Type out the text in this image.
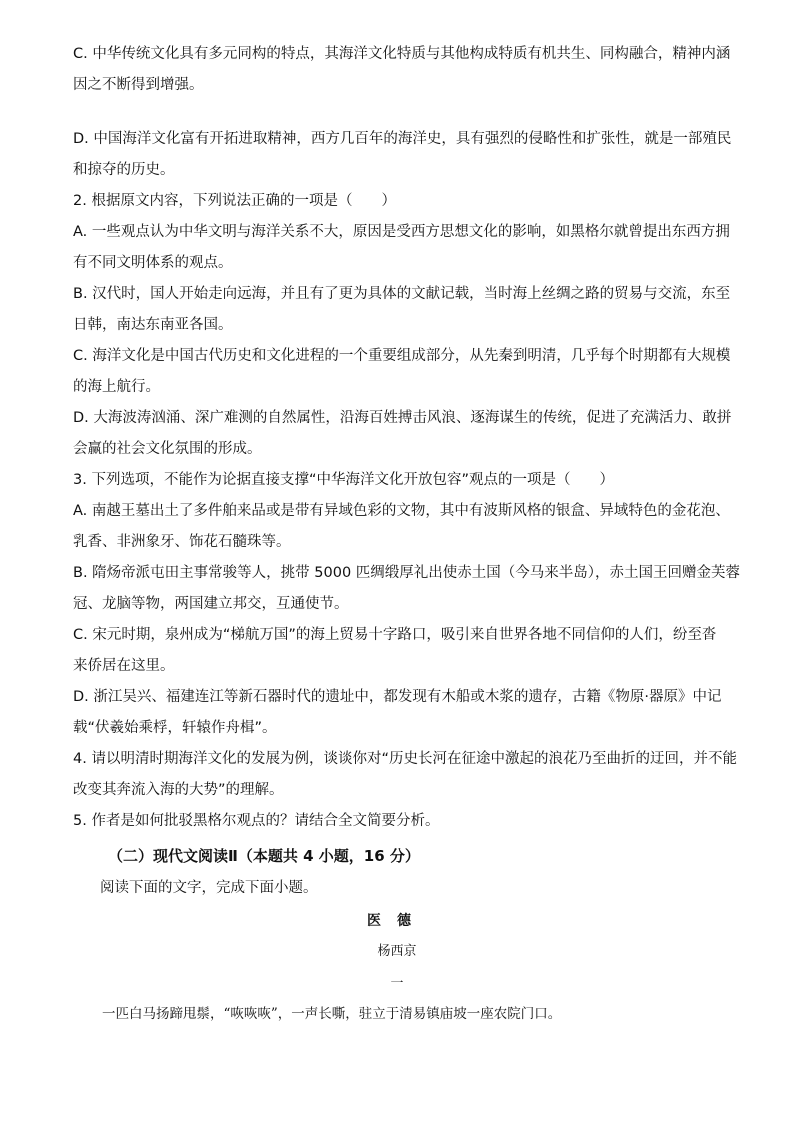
C. 中华传统文化具有多元同构的特点，其海洋文化特质与其他构成特质有机共生、同构融合，精神内涵
因之不断得到增强。
D. 中国海洋文化富有开拓进取精神，西方几百年的海洋史，具有强烈的侵略性和扩张性，就是一部殖民
和掠夺的历史。
2. 根据原文内容，下列说法正确的一项是（　　）
A. 一些观点认为中华文明与海洋关系不大，原因是受西方思想文化的影响，如黑格尔就曾提出东西方拥
有不同文明体系的观点。
B. 汉代时，国人开始走向远海，并且有了更为具体的文献记载，当时海上丝绸之路的贸易与交流，东至
日韩，南达东南亚各国。
C. 海洋文化是中国古代历史和文化进程的一个重要组成部分，从先秦到明清，几乎每个时期都有大规模
的海上航行。
D. 大海波涛汹涌、深广难测的自然属性，沿海百姓搏击风浪、逐海谋生的传统，促进了充满活力、敢拼
会赢的社会文化氛围的形成。
3. 下列选项，不能作为论据直接支撑“中华海洋文化开放包容”观点的一项是（　　）
A. 南越王墓出土了多件舶来品或是带有异域色彩的文物，其中有波斯风格的银盒、异域特色的金花泡、
乳香、非洲象牙、饰花石髓珠等。
B. 隋炀帝派屯田主事常骏等人，挑带 5000 匹绸缎厚礼出使赤土国（今马来半岛），赤土国王回赠金芙蓉
冠、龙脑等物，两国建立邦交，互通使节。
C. 宋元时期，泉州成为“梯航万国”的海上贸易十字路口，吸引来自世界各地不同信仰的人们，纷至沓
来侨居在这里。
D. 浙江吴兴、福建连江等新石器时代的遗址中，都发现有木船或木浆的遗存，古籍《物原·器原》中记
载“伏羲始乘桴，轩辕作舟楫”。
4. 请以明清时期海洋文化的发展为例，谈谈你对“历史长河在征途中激起的浪花乃至曲折的迂回，并不能
改变其奔流入海的大势”的理解。
5. 作者是如何批驳黑格尔观点的？请结合全文简要分析。
（二）现代文阅读Ⅱ（本题共 4 小题，16 分）
阅读下面的文字，完成下面小题。
医德
杨西京
一
一匹白马扬蹄甩鬃，“咴咴咴”，一声长嘶，驻立于清易镇庙坡一座农院门口。
